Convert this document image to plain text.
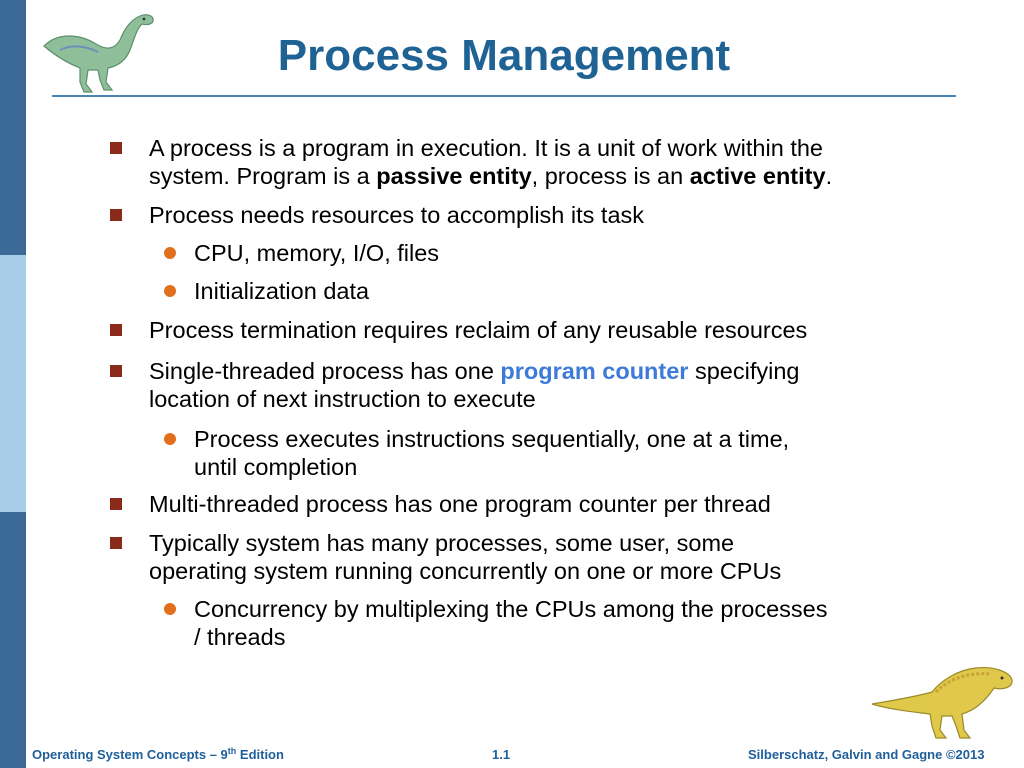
Process Management
A process is a program in execution. It is a unit of work within the
system. Program is a passive entity, process is an active entity.
Process needs resources to accomplish its task
CPU, memory, I/O, files
Initialization data
Process termination requires reclaim of any reusable resources
Single-threaded process has one program counter specifying
location of next instruction to execute
Process executes instructions sequentially, one at a time,
until completion
Multi-threaded process has one program counter per thread
Typically system has many processes, some user, some
operating system running concurrently on one or more CPUs
Concurrency by multiplexing the CPUs among the processes
/ threads
Operating System Concepts – 9th Edition	1.1	Silberschatz, Galvin and Gagne ©2013
